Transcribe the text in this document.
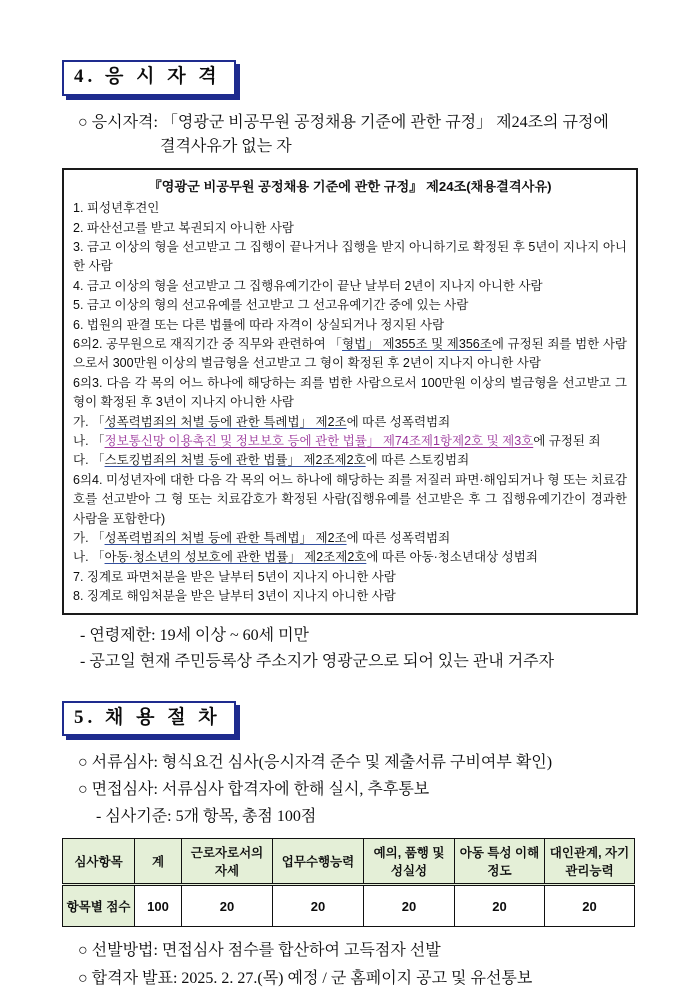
4. 응 시 자 격
○ 응시자격: 「영광군 비공무원 공정채용 기준에 관한 규정」 제24조의 규정에
결격사유가 없는 자
『영광군 비공무원 공정채용 기준에 관한 규정』 제24조(채용결격사유)
1. 피성년후견인
2. 파산선고를 받고 복권되지 아니한 사람
3. 금고 이상의 형을 선고받고 그 집행이 끝나거나 집행을 받지 아니하기로 확정된 후 5년이 지나지 아니한 사람
4. 금고 이상의 형을 선고받고 그 집행유예기간이 끝난 날부터 2년이 지나지 아니한 사람
5. 금고 이상의 형의 선고유예를 선고받고 그 선고유예기간 중에 있는 사람
6. 법원의 판결 또는 다른 법률에 따라 자격이 상실되거나 정지된 사람
6의2. 공무원으로 재직기간 중 직무와 관련하여 「형법」 제355조 및 제356조에 규정된 죄를 범한 사람으로서 300만원 이상의 벌금형을 선고받고 그 형이 확정된 후 2년이 지나지 아니한 사람
6의3. 다음 각 목의 어느 하나에 해당하는 죄를 범한 사람으로서 100만원 이상의 벌금형을 선고받고 그 형이 확정된 후 3년이 지나지 아니한 사람
가. 「성폭력범죄의 처벌 등에 관한 특례법」 제2조에 따른 성폭력범죄
나. 「정보통신망 이용촉진 및 정보보호 등에 관한 법률」 제74조제1항제2호 및 제3호에 규정된 죄
다. 「스토킹범죄의 처벌 등에 관한 법률」 제2조제2호에 따른 스토킹범죄
6의4. 미성년자에 대한 다음 각 목의 어느 하나에 해당하는 죄를 저질러 파면·해임되거나 형 또는 치료감호를 선고받아 그 형 또는 치료감호가 확정된 사람(집행유예를 선고받은 후 그 집행유예기간이 경과한 사람을 포함한다)
가. 「성폭력범죄의 처벌 등에 관한 특례법」 제2조에 따른 성폭력범죄
나. 「아동·청소년의 성보호에 관한 법률」 제2조제2호에 따른 아동·청소년대상 성범죄
7. 징계로 파면처분을 받은 날부터 5년이 지나지 아니한 사람
8. 징계로 해임처분을 받은 날부터 3년이 지나지 아니한 사람
- 연령제한: 19세 이상 ~ 60세 미만
- 공고일 현재 주민등록상 주소지가 영광군으로 되어 있는 관내 거주자
5. 채 용 절 차
○ 서류심사: 형식요건 심사(응시자격 준수 및 제출서류 구비여부 확인)
○ 면접심사: 서류심사 합격자에 한해 실시, 추후통보
- 심사기준: 5개 항목, 총점 100점
심사항목	계	근로자로서의 자세	업무수행능력	예의, 품행 및 성실성	아동 특성 이해정도	대인관계, 자기관리능력
항목별 점수	100	20	20	20	20	20
○ 선발방법: 면접심사 점수를 합산하여 고득점자 선발
○ 합격자 발표: 2025. 2. 27.(목) 예정 / 군 홈페이지 공고 및 유선통보
